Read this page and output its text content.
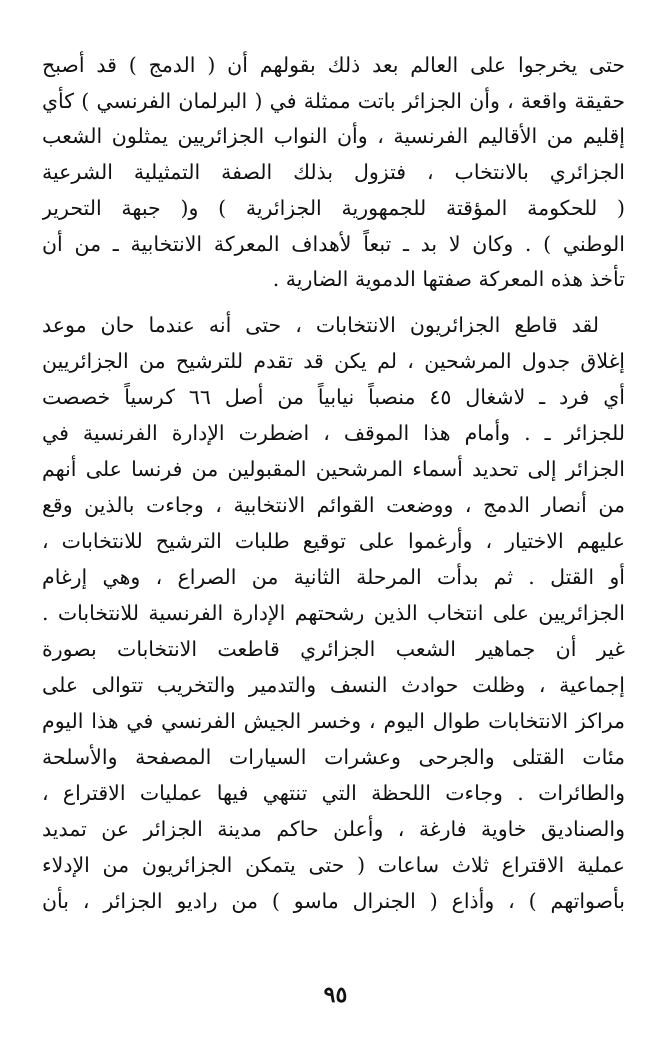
حتى يخرجوا على العالم بعد ذلك بقولهم أن ( الدمج ) قد أصبح
حقيقة واقعة ، وأن الجزائر باتت ممثلة في ( البرلمان الفرنسي ) كأي
إقليم من الأقاليم الفرنسية ، وأن النواب الجزائريين يمثلون الشعب
الجزائري بالانتخاب ، فتزول بذلك الصفة التمثيلية الشرعية
( للحكومة المؤقتة للجمهورية الجزائرية ) و( جبهة التحرير
الوطني ) . وكان لا بد ـ تبعاً لأهداف المعركة الانتخابية ـ من أن
تأخذ هذه المعركة صفتها الدموية الضارية .
لقد قاطع الجزائريون الانتخابات ، حتى أنه عندما حان موعد
إغلاق جدول المرشحين ، لم يكن قد تقدم للترشيح من الجزائريين
أي فرد ـ لاشغال ٤٥ منصباً نيابياً من أصل ٦٦ كرسياً خصصت
للجزائر ـ . وأمام هذا الموقف ، اضطرت الإدارة الفرنسية في
الجزائر إلى تحديد أسماء المرشحين المقبولين من فرنسا على أنهم
من أنصار الدمج ، ووضعت القوائم الانتخابية ، وجاءت بالذين وقع
عليهم الاختيار ، وأرغموا على توقيع طلبات الترشيح للانتخابات ،
أو القتل . ثم بدأت المرحلة الثانية من الصراع ، وهي إرغام
الجزائريين على انتخاب الذين رشحتهم الإدارة الفرنسية للانتخابات .
غير أن جماهير الشعب الجزائري قاطعت الانتخابات بصورة
إجماعية ، وظلت حوادث النسف والتدمير والتخريب تتوالى على
مراكز الانتخابات طوال اليوم ، وخسر الجيش الفرنسي في هذا اليوم
مئات القتلى والجرحى وعشرات السيارات المصفحة والأسلحة
والطائرات . وجاءت اللحظة التي تنتهي فيها عمليات الاقتراع ،
والصناديق خاوية فارغة ، وأعلن حاكم مدينة الجزائر عن تمديد
عملية الاقتراع ثلاث ساعات ( حتى يتمكن الجزائريون من الإدلاء
بأصواتهم ) ، وأذاع ( الجنرال ماسو ) من راديو الجزائر ، بأن
٩٥
